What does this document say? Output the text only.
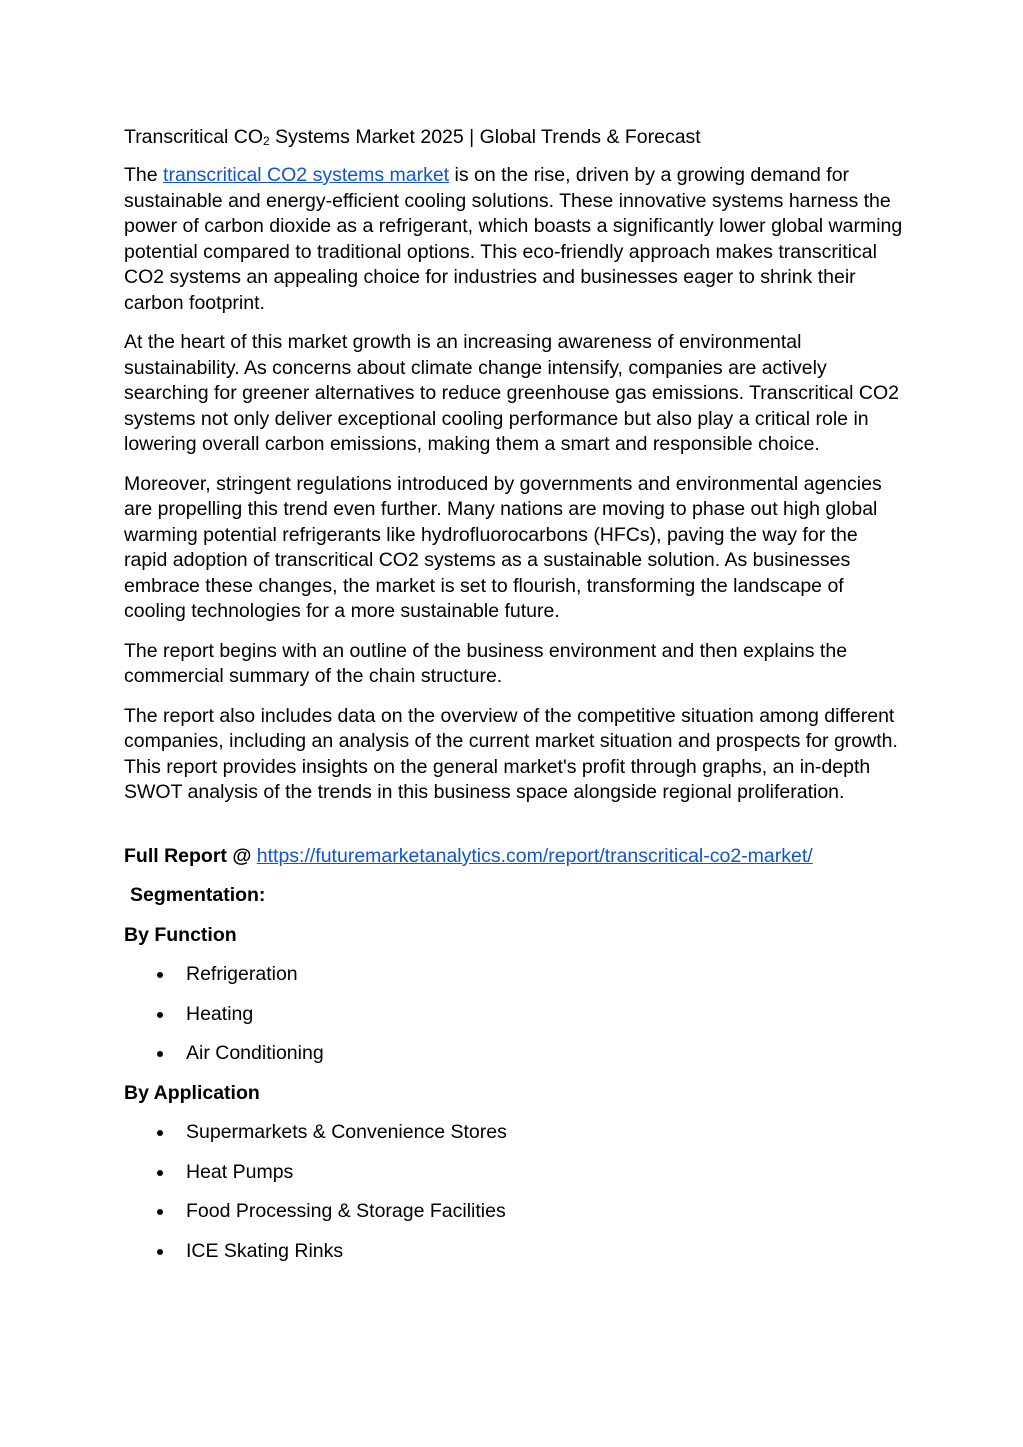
Transcritical $CO_2$ Systems Market 2025 | Global Trends & Forecast

The transcritical CO2 systems market is on the rise, driven by a growing demand for sustainable and energy-efficient cooling solutions. These innovative systems harness the power of carbon dioxide as a refrigerant, which boasts a significantly lower global warming potential compared to traditional options. This eco-friendly approach makes transcritical CO2 systems an appealing choice for industries and businesses eager to shrink their carbon footprint.

At the heart of this market growth is an increasing awareness of environmental sustainability. As concerns about climate change intensify, companies are actively searching for greener alternatives to reduce greenhouse gas emissions. Transcritical CO2 systems not only deliver exceptional cooling performance but also play a critical role in lowering overall carbon emissions, making them a smart and responsible choice.

Moreover, stringent regulations introduced by governments and environmental agencies are propelling this trend even further. Many nations are moving to phase out high global warming potential refrigerants like hydrofluorocarbons (HFCs), paving the way for the rapid adoption of transcritical CO2 systems as a sustainable solution. As businesses embrace these changes, the market is set to flourish, transforming the landscape of cooling technologies for a more sustainable future.

The report begins with an outline of the business environment and then explains the commercial summary of the chain structure.

The report also includes data on the overview of the competitive situation among different companies, including an analysis of the current market situation and prospects for growth. This report provides insights on the general market's profit through graphs, an in-depth SWOT analysis of the trends in this business space alongside regional proliferation.

Full Report @ https://futuremarketanalytics.com/report/transcritical-co2-market/
Segmentation:
By Function
Refrigeration
Heating
Air Conditioning
By Application
Supermarkets & Convenience Stores
Heat Pumps
Food Processing & Storage Facilities
ICE Skating Rinks
